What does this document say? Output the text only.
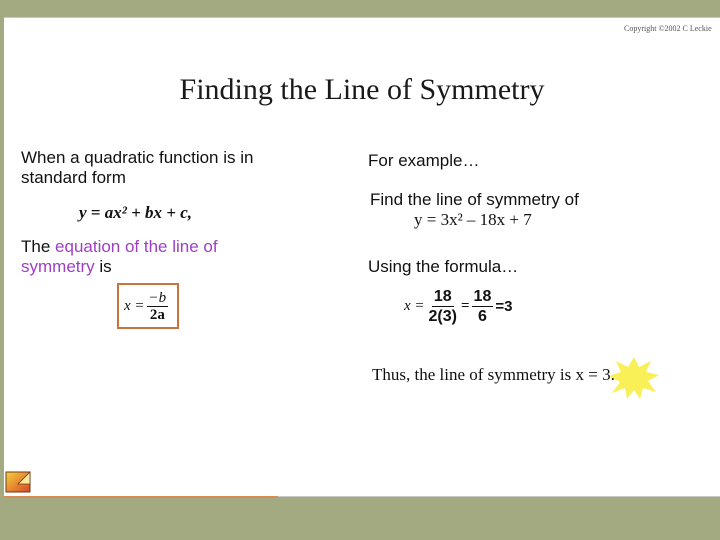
Copyright ©2002 C Leckie
Finding the Line of Symmetry
When a quadratic function is in standard form
y = ax² + bx + c,
The equation of the line of symmetry is
$x = \frac{-b}{2a}$
For example…
Find the line of symmetry of
y = 3x² – 18x + 7
Using the formula…
$x = \frac{18}{2(3)} = \frac{18}{6} =3$
Thus, the line of symmetry is x = 3.
